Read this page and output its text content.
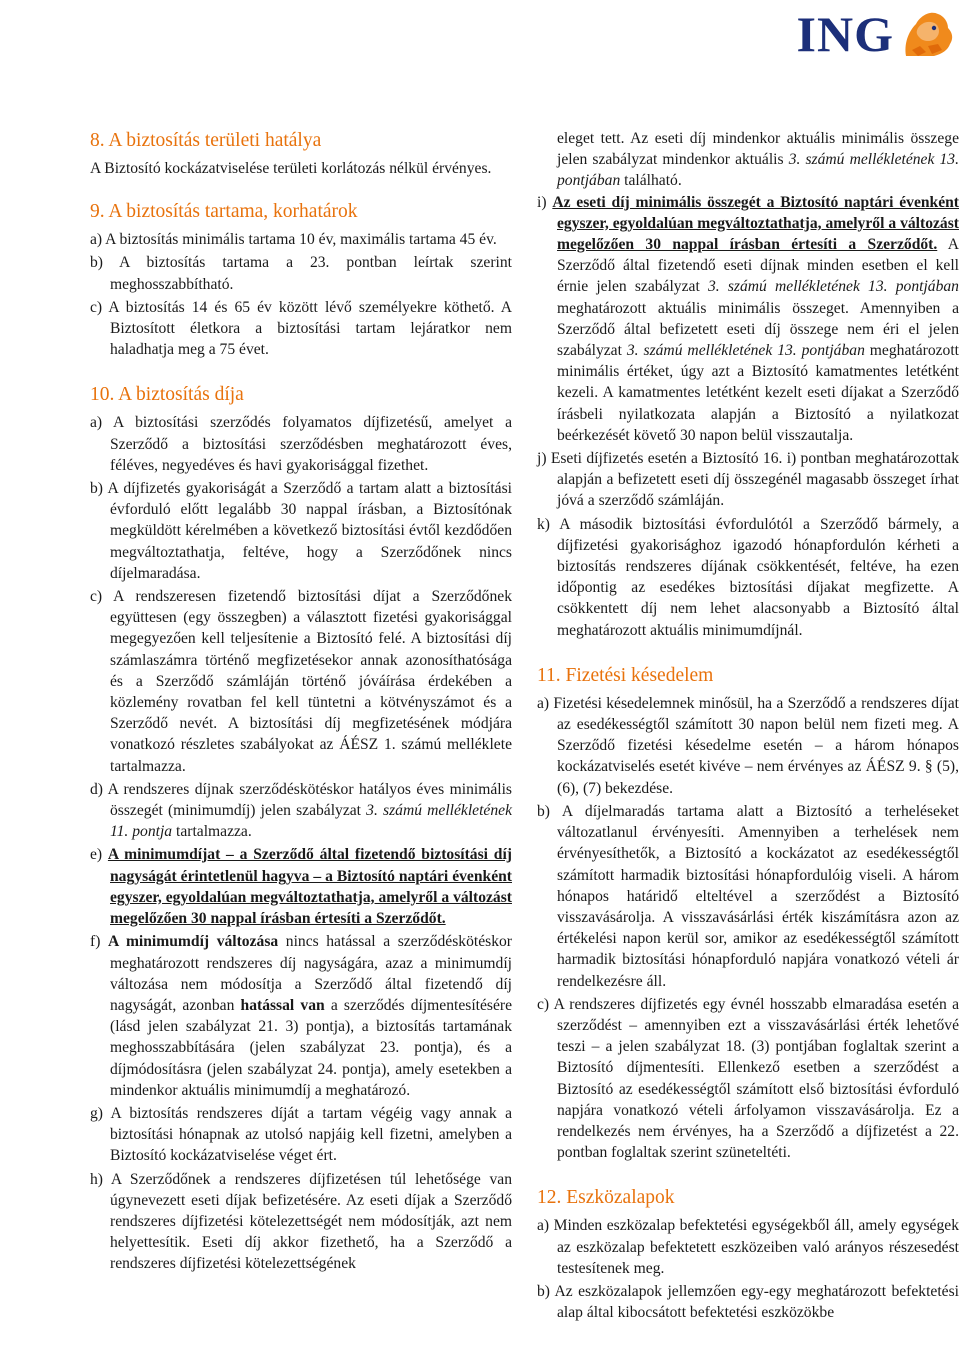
ING
8. A biztosítás területi hatálya

A Biztosító kockázatviselése területi korlátozás nélkül érvényes.

9. A biztosítás tartama, korhatárok

a) A biztosítás minimális tartama 10 év, maximális tartama 45 év.

b) A biztosítás tartama a 23. pontban leírtak szerint meghosszabbítható.

c) A biztosítás 14 és 65 év között lévő személyekre köthető. A Biztosított életkora a biztosítási tartam lejáratkor nem haladhatja meg a 75 évet.

10. A biztosítás díja

a) A biztosítási szerződés folyamatos díjfizetésű, amelyet a Szerződő a biztosítási szerződésben meghatározott éves, féléves, negyedéves és havi gyakorisággal fizethet.

b) A díjfizetés gyakoriságát a Szerződő a tartam alatt a biztosítási évforduló előtt legalább 30 nappal írásban, a Biztosítónak megküldött kérelmében a következő biztosítási évtől kezdődően megváltoztathatja, feltéve, hogy a Szerződőnek nincs díjelmaradása.

c) A rendszeresen fizetendő biztosítási díjat a Szerződőnek együttesen (egy összegben) a választott fizetési gyakorisággal megegyezően kell teljesítenie a Biztosító felé. A biztosítási díj számlaszámra történő megfizetésekor annak azonosíthatósága és a Szerződő számláján történő jóváírása érdekében a közlemény rovatban fel kell tüntetni a kötvényszámot és a Szerződő nevét. A biztosítási díj megfizetésének módjára vonatkozó részletes szabályokat az ÁÉSZ 1. számú melléklete tartalmazza.

d) A rendszeres díjnak szerződéskötéskor hatályos éves minimális összegét (minimumdíj) jelen szabályzat 3. számú mellékletének 11. pontja tartalmazza.

e) A minimumdíjat – a Szerződő által fizetendő biztosítási díj nagyságát érintetlenül hagyva – a Biztosító naptári évenként egyszer, egyoldalúan megváltoztathatja, amelyről a változást megelőzően 30 nappal írásban értesíti a Szerződőt.

f) A minimumdíj változása nincs hatással a szerződéskötéskor meghatározott rendszeres díj nagyságára, azaz a minimumdíj változása nem módosítja a Szerződő által fizetendő díj nagyságát, azonban hatással van a szerződés díjmentesítésére (lásd jelen szabályzat 21. 3) pontja), a biztosítás tartamának meghosszabbítására (jelen szabályzat 23. pontja), és a díjmódosításra (jelen szabályzat 24. pontja), amely esetekben a mindenkor aktuális minimumdíj a meghatározó.

g) A biztosítás rendszeres díját a tartam végéig vagy annak a biztosítási hónapnak az utolsó napjáig kell fizetni, amelyben a Biztosító kockázatviselése véget ért.

h) A Szerződőnek a rendszeres díjfizetésen túl lehetősége van úgynevezett eseti díjak befizetésére. Az eseti díjak a Szerződő rendszeres díjfizetési kötelezettségét nem módosítják, azt nem helyettesítik. Eseti díj akkor fizethető, ha a Szerződő a rendszeres díjfizetési kötelezettségének

eleget tett. Az eseti díj mindenkor aktuális minimális összege jelen szabályzat mindenkor aktuális 3. számú mellékletének 13. pontjában található.

i) Az eseti díj minimális összegét a Biztosító naptári évenként egyszer, egyoldalúan megváltoztathatja, amelyről a változást megelőzően 30 nappal írásban értesíti a Szerződőt. A Szerződő által fizetendő eseti díjnak minden esetben el kell érnie jelen szabályzat 3. számú mellékletének 13. pontjában meghatározott aktuális minimális összeget. Amennyiben a Szerződő által befizetett eseti díj összege nem éri el jelen szabályzat 3. számú mellékletének 13. pontjában meghatározott minimális értéket, úgy azt a Biztosító kamatmentes letétként kezeli. A kamatmentes letétként kezelt eseti díjakat a Szerződő írásbeli nyilatkozata alapján a Biztosító a nyilatkozat beérkezését követő 30 napon belül visszautalja.

j) Eseti díjfizetés esetén a Biztosító 16. i) pontban meghatározottak alapján a befizetett eseti díj összegénél magasabb összeget írhat jóvá a szerződő számláján.

k) A második biztosítási évfordulótól a Szerződő bármely, a díjfizetési gyakorisághoz igazodó hónapfordulón kérheti a biztosítás rendszeres díjának csökkentését, feltéve, ha ezen időpontig az esedékes biztosítási díjakat megfizette. A csökkentett díj nem lehet alacsonyabb a Biztosító által meghatározott aktuális minimumdíjnál.

11. Fizetési késedelem

a) Fizetési késedelemnek minősül, ha a Szerződő a rendszeres díjat az esedékességtől számított 30 napon belül nem fizeti meg. A Szerződő fizetési késedelme esetén – a három hónapos kockázatviselés esetét kivéve – nem érvényes az ÁÉSZ 9. § (5), (6), (7) bekezdése.

b) A díjelmaradás tartama alatt a Biztosító a terheléseket változatlanul érvényesíti. Amennyiben a terhelések nem érvényesíthetők, a Biztosító a kockázatot az esedékességtől számított harmadik biztosítási hónapfordulóig viseli. A három hónapos határidő elteltével a szerződést a Biztosító visszavásárolja. A visszavásárlási érték kiszámításra azon az értékelési napon kerül sor, amikor az esedékességtől számított harmadik biztosítási hónapforduló napjára vonatkozó vételi ár rendelkezésre áll.

c) A rendszeres díjfizetés egy évnél hosszabb elmaradása esetén a szerződést – amennyiben ezt a visszavásárlási érték lehetővé teszi – a jelen szabályzat 18. (3) pontjában foglaltak szerint a Biztosító díjmentesíti. Ellenkező esetben a szerződést a Biztosító az esedékességtől számított első biztosítási évforduló napjára vonatkozó vételi árfolyamon visszavásárolja. Ez a rendelkezés nem érvényes, ha a Szerződő a díjfizetést a 22. pontban foglaltak szerint szüneteltéti.

12. Eszközalapok

a) Minden eszközalap befektetési egységekből áll, amely egységek az eszközalap befektetett eszközeiben való arányos részesedést testesítenek meg.

b) Az eszközalapok jellemzően egy-egy meghatározott befektetési alap által kibocsátott befektetési eszközökbe
